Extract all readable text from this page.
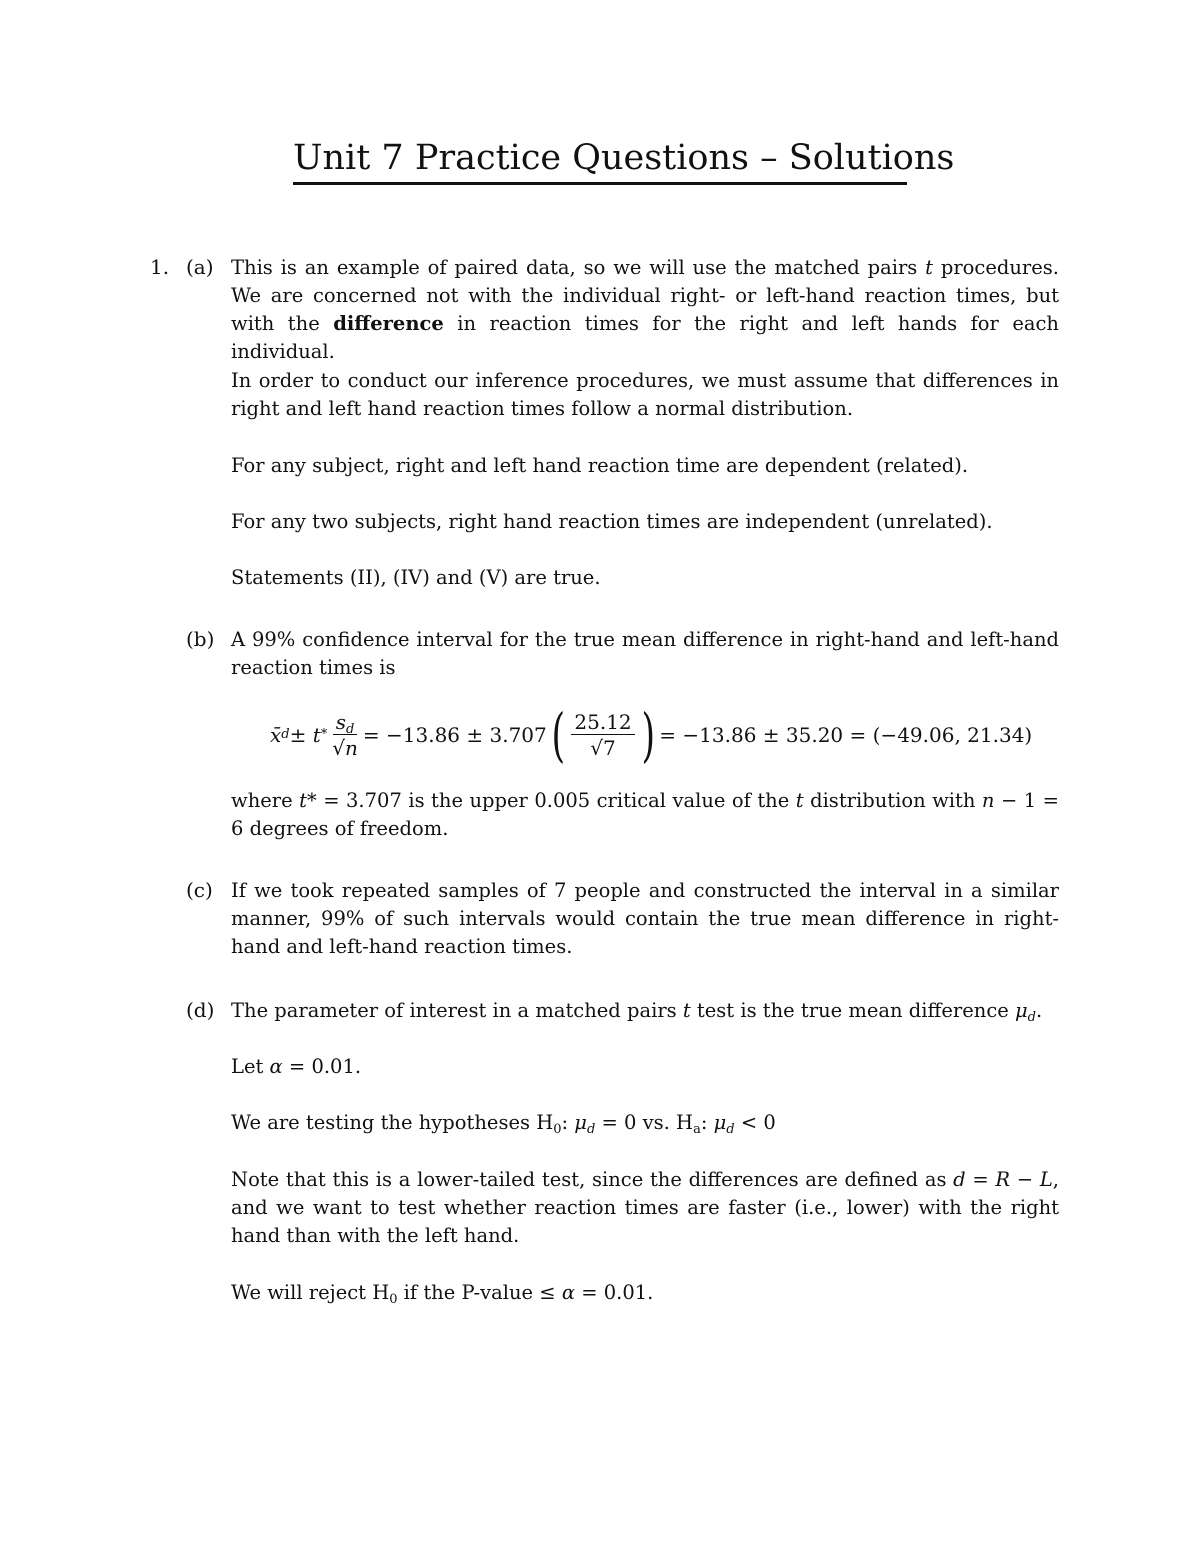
Unit 7 Practice Questions – Solutions
1. (a) This is an example of paired data, so we will use the matched pairs t procedures. We are concerned not with the individual right- or left-hand reaction times, but with the difference in reaction times for the right and left hands for each individual.
In order to conduct our inference procedures, we must assume that differences in right and left hand reaction times follow a normal distribution.
For any subject, right and left hand reaction time are dependent (related).
For any two subjects, right hand reaction times are independent (unrelated).
Statements (II), (IV) and (V) are true.
(b) A 99% confidence interval for the true mean difference in right-hand and left-hand reaction times is
x̄ $d \pm t * \frac{s_d}{√n} = -13.86 \pm 3.707$ ( $\frac{25.12}{√7}$ ) = −13.86 ± 35.20 = (−49.06, 21.34)
where t* = 3.707 is the upper 0.005 critical value of the t distribution with n − 1 = 6 degrees of freedom.
(c) If we took repeated samples of 7 people and constructed the interval in a similar manner, 99% of such intervals would contain the true mean difference in right-hand and left-hand reaction times.
(d) The parameter of interest in a matched pairs t test is the true mean difference $\mu_d$.
Let α = 0.01.
We are testing the hypotheses $H_0$: $\mu_d = 0$ vs. $H_a$: $\mu_d < 0$
Note that this is a lower-tailed test, since the differences are defined as d = R − L, and we want to test whether reaction times are faster (i.e., lower) with the right hand than with the left hand.
We will reject $H_0$ if the P-value ≤ α = 0.01.
